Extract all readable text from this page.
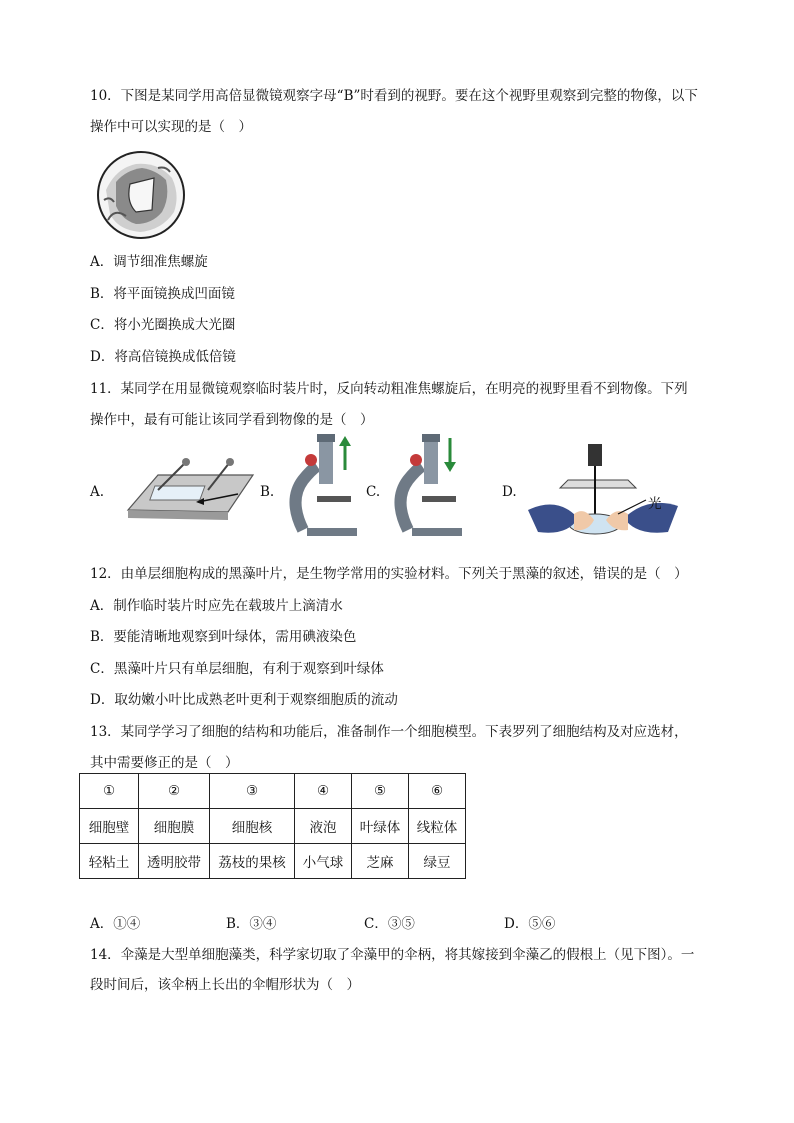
10．下图是某同学用高倍显微镜观察字母“B”时看到的视野。要在这个视野里观察到完整的物像，以下
操作中可以实现的是（　）
A．调节细准焦螺旋
B．将平面镜换成凹面镜
C．将小光圈换成大光圈
D．将高倍镜换成低倍镜
11．某同学在用显微镜观察临时装片时，反向转动粗准焦螺旋后，在明亮的视野里看不到物像。下列
操作中，最有可能让该同学看到物像的是（　）
A.	B.	C.	D.
光
12．由单层细胞构成的黑藻叶片，是生物学常用的实验材料。下列关于黑藻的叙述，错误的是（　）
A．制作临时装片时应先在载玻片上滴清水
B．要能清晰地观察到叶绿体，需用碘液染色
C．黑藻叶片只有单层细胞，有利于观察到叶绿体
D．取幼嫩小叶比成熟老叶更利于观察细胞质的流动
13．某同学学习了细胞的结构和功能后，准备制作一个细胞模型。下表罗列了细胞结构及对应选材，
其中需要修正的是（　）
①	②	③	④	⑤	⑥
细胞壁	细胞膜	细胞核	液泡	叶绿体	线粒体
轻粘土	透明胶带	荔枝的果核	小气球	芝麻	绿豆
A．①④	B．③④	C．③⑤	D．⑤⑥
14．伞藻是大型单细胞藻类，科学家切取了伞藻甲的伞柄，将其嫁接到伞藻乙的假根上（见下图）。一
段时间后，该伞柄上长出的伞帽形状为（　）
